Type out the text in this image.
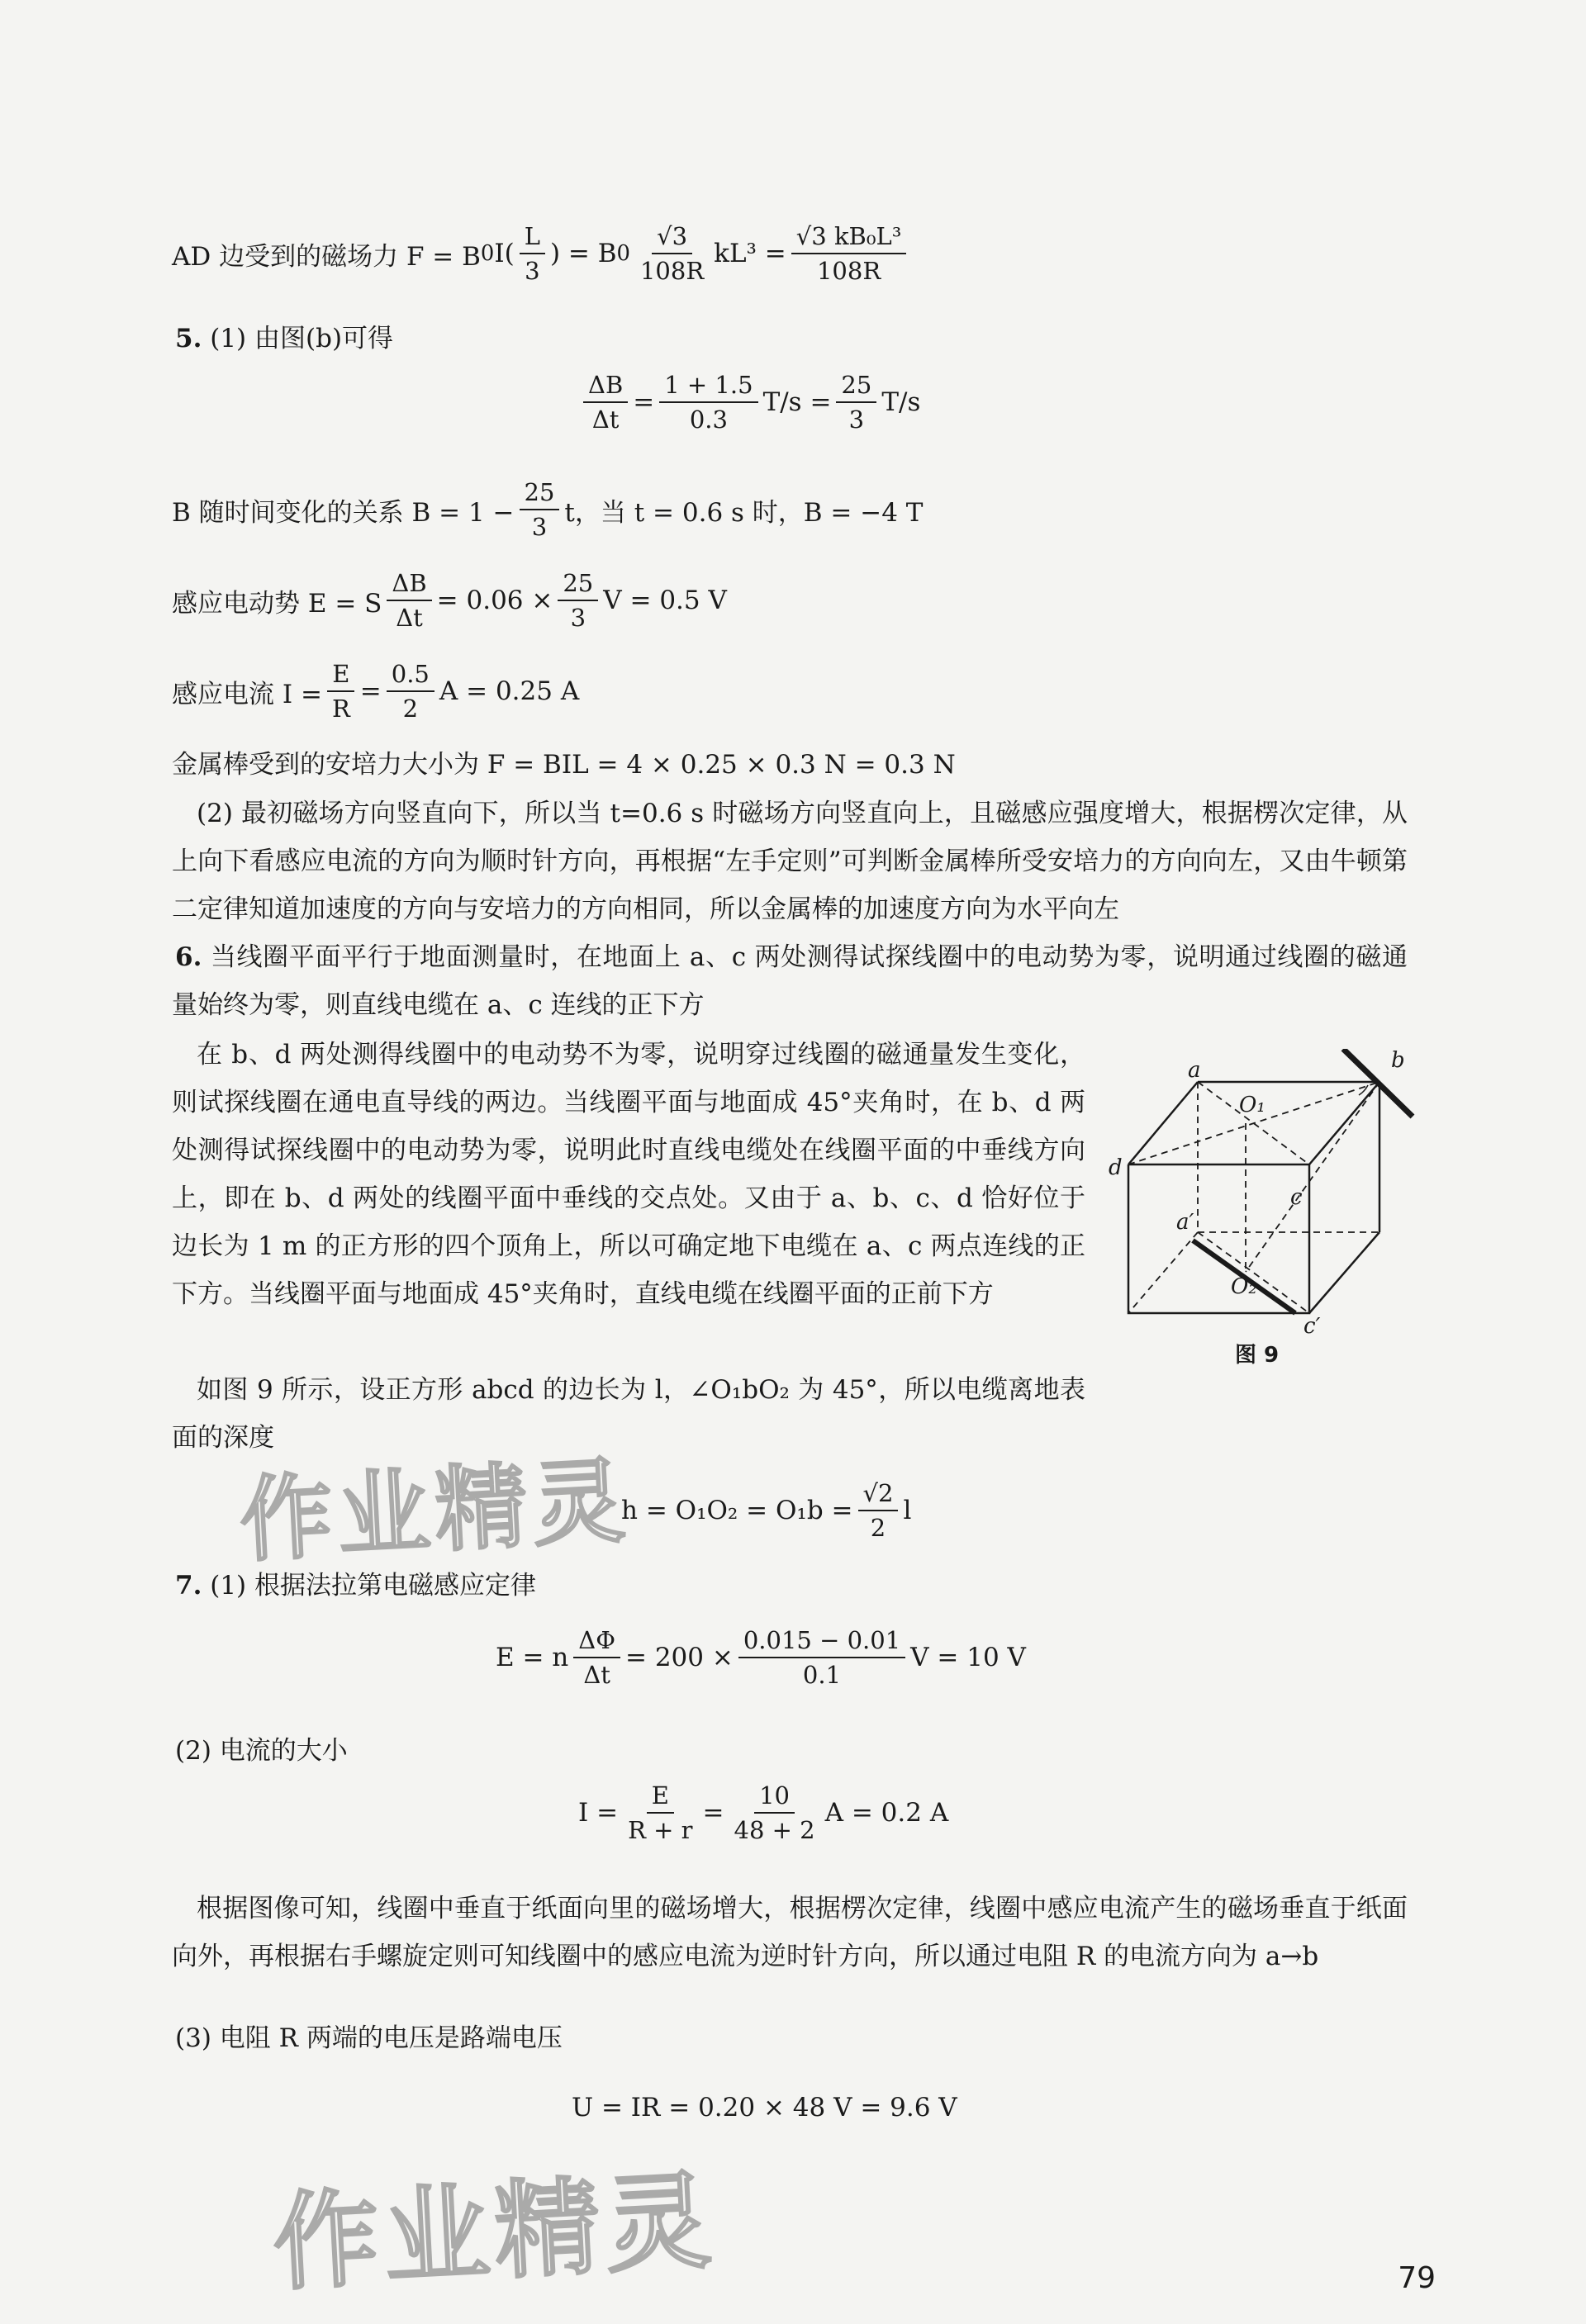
AD 边受到的磁场力 F = B 0 $I( \frac{L}{3}$ ) = B $0 \frac{√3}{108R} kL^3 = \frac{\text{√3 kB₀L³}}{108R}$
5. (1) 由图(b)可得
$\frac{\Delta B}{\Delta t} = \frac{1 + 1.5}{0.3} T/s = \frac{25}{3} T/s$
B 随时间变化的关系 $B = 1 - \frac{25}{3}$ t，当 t = 0.6 s 时，B = −4 T
感应电动势 E = S $\frac{\Delta B}{\Delta t} = 0.06 \times \frac{25}{3}$ V = 0.5 V
感应电流 $I = \frac{E}{R} = \frac{0.5}{2}$ A = 0.25 A
金属棒受到的安培力大小为 F = BIL = 4 × 0.25 × 0.3 N = 0.3 N
(2) 最初磁场方向竖直向下，所以当 t=0.6 s 时磁场方向竖直向上，且磁感应强度增大，根据楞次定律，从上向下看感应电流的方向为顺时针方向，再根据“左手定则”可判断金属棒所受安培力的方向向左，又由牛顿第二定律知道加速度的方向与安培力的方向相同，所以金属棒的加速度方向为水平向左
6. 当线圈平面平行于地面测量时，在地面上 a、c 两处测得试探线圈中的电动势为零，说明通过线圈的磁通量始终为零，则直线电缆在 a、c 连线的正下方
在 b、d 两处测得线圈中的电动势不为零，说明穿过线圈的磁通量发生变化，则试探线圈在通电直导线的两边。当线圈平面与地面成 45°夹角时，在 b、d 两处测得试探线圈中的电动势为零，说明此时直线电缆处在线圈平面的中垂线方向上，即在 b、d 两处的线圈平面中垂线的交点处。又由于 a、b、c、d 恰好位于边长为 1 m 的正方形的四个顶角上，所以可确定地下电缆在 a、c 两点连线的正下方。当线圈平面与地面成 45°夹角时，直线电缆在线圈平面的正前下方
如图 9 所示，设正方形 abcd 的边长为 l，∠O₁bO₂ 为 45°，所以电缆离地表面的深度
$h = O_1O_2 = O_1b = \frac{√2}{2}$ l
a	b
c
d
O₁
O₂
a′
c′
图 9
7. (1) 根据法拉第电磁感应定律
E = n $\frac{\Delta\Phi}{\Delta t} = 200 \times \frac{0.015 - 0.01}{0.1}$ V = 10 V
(2) 电流的大小
$I = \frac{E}{R + r} = \frac{10}{48 + 2}$ A = 0.2 A
根据图像可知，线圈中垂直于纸面向里的磁场增大，根据楞次定律，线圈中感应电流产生的磁场垂直于纸面向外，再根据右手螺旋定则可知线圈中的感应电流为逆时针方向，所以通过电阻 R 的电流方向为 a→b
(3) 电阻 R 两端的电压是路端电压
U = IR = 0.20 × 48 V = 9.6 V
作业精灵
作业精灵	79
